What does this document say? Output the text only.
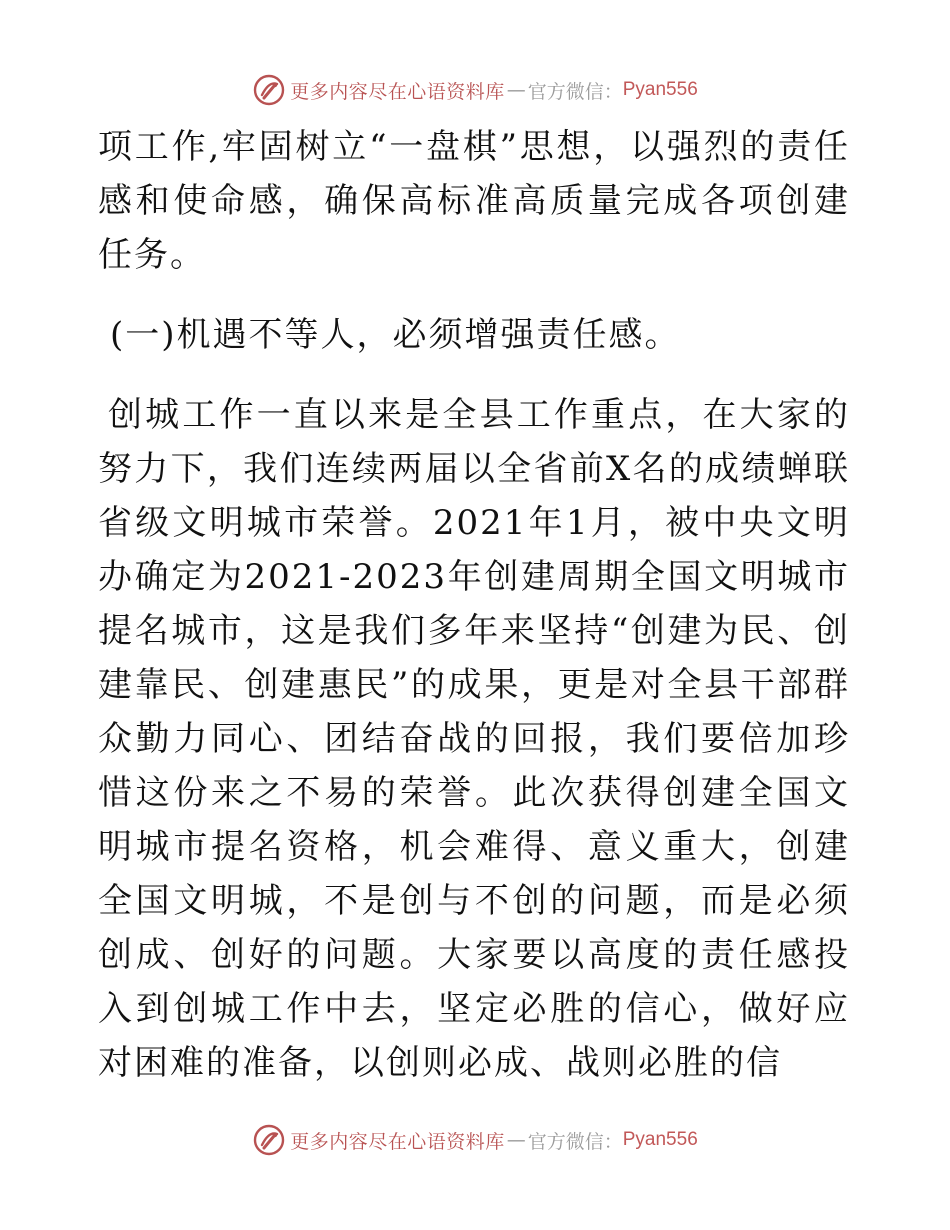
更多内容尽在心语资料库 — 官方微信： Pyan556

项工作,牢固树立“一盘棋”思想，以强烈的责任感和使命感，确保高标准高质量完成各项创建任务。

(一)机遇不等人，必须增强责任感。

创城工作一直以来是全县工作重点，在大家的努力下，我们连续两届以全省前X名的成绩蝉联省级文明城市荣誉。2021年1月，被中央文明办确定为2021-2023年创建周期全国文明城市提名城市，这是我们多年来坚持“创建为民、创建靠民、创建惠民”的成果，更是对全县干部群众勤力同心、团结奋战的回报，我们要倍加珍惜这份来之不易的荣誉。此次获得创建全国文明城市提名资格，机会难得、意义重大，创建全国文明城，不是创与不创的问题，而是必须创成、创好的问题。大家要以高度的责任感投入到创城工作中去，坚定必胜的信心，做好应对困难的准备，以创则必成、战则必胜的信

更多内容尽在心语资料库 — 官方微信： Pyan556
